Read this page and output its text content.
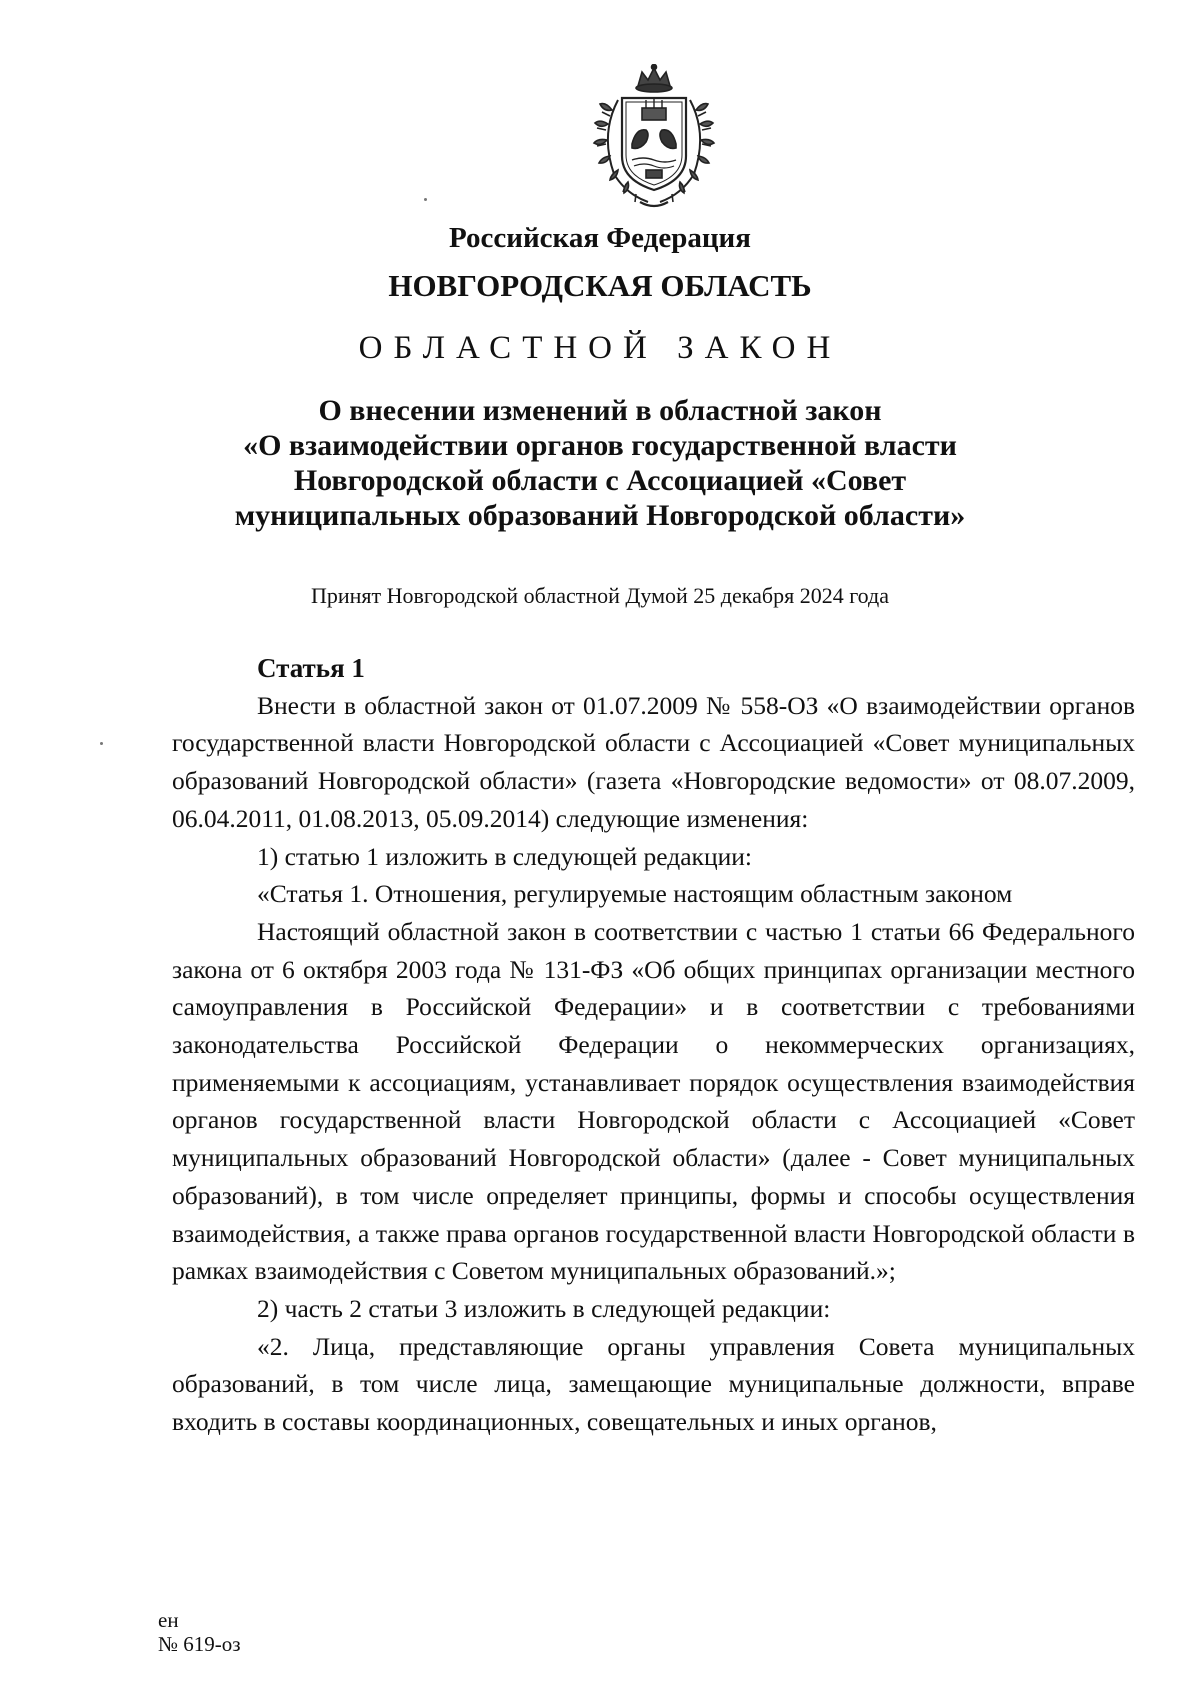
Российская Федерация
НОВГОРОДСКАЯ ОБЛАСТЬ
ОБЛАСТНОЙ ЗАКОН
О внесении изменений в областной закон
«О взаимодействии органов государственной власти
Новгородской области с Ассоциацией «Совет
муниципальных образований Новгородской области»
Принят Новгородской областной Думой 25 декабря 2024 года
Статья 1

Внести в областной закон от 01.07.2009 № 558-ОЗ «О взаимодействии органов государственной власти Новгородской области с Ассоциацией «Совет муниципальных образований Новгородской области» (газета «Новгородские ведомости» от 08.07.2009, 06.04.2011, 01.08.2013, 05.09.2014) следующие изменения:

1) статью 1 изложить в следующей редакции:

«Статья 1. Отношения, регулируемые настоящим областным законом

Настоящий областной закон в соответствии с частью 1 статьи 66 Федерального закона от 6 октября 2003 года № 131-ФЗ «Об общих принципах организации местного самоуправления в Российской Федерации» и в соответствии с требованиями законодательства Российской Федерации о некоммерческих организациях, применяемыми к ассоциациям, устанавливает порядок осуществления взаимодействия органов государственной власти Новгородской области с Ассоциацией «Совет муниципальных образований Новгородской области» (далее - Совет муниципальных образований), в том числе определяет принципы, формы и способы осуществления взаимодействия, а также права органов государственной власти Новгородской области в рамках взаимодействия с Советом муниципальных образований.»;

2) часть 2 статьи 3 изложить в следующей редакции:

«2. Лица, представляющие органы управления Совета муниципальных образований, в том числе лица, замещающие муниципальные должности, вправе входить в составы координационных, совещательных и иных органов,

ен
№ 619-оз
